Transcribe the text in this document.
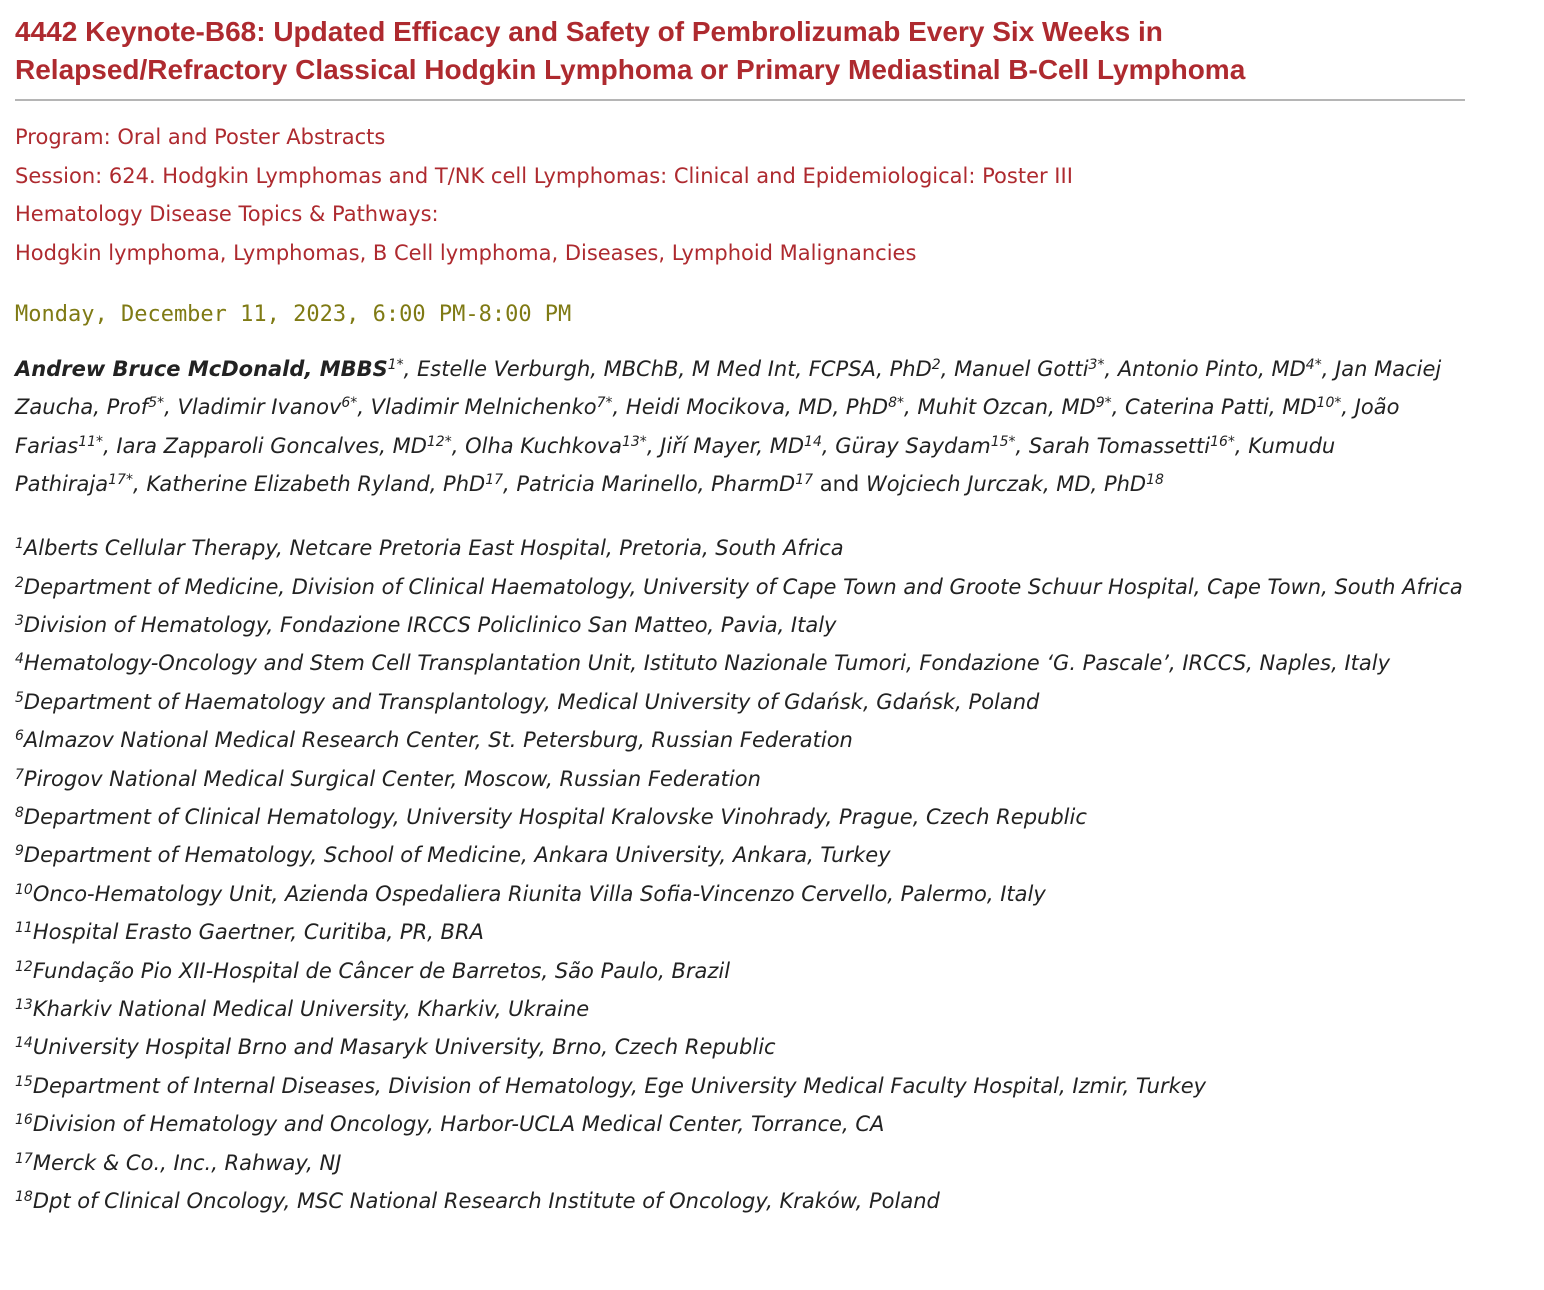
4442 Keynote-B68: Updated Efficacy and Safety of Pembrolizumab Every Six Weeks in
Relapsed/Refractory Classical Hodgkin Lymphoma or Primary Mediastinal B-Cell Lymphoma
Program: Oral and Poster Abstracts
Session: 624. Hodgkin Lymphomas and T/NK cell Lymphomas: Clinical and Epidemiological: Poster III
Hematology Disease Topics & Pathways:
Hodgkin lymphoma, Lymphomas, B Cell lymphoma, Diseases, Lymphoid Malignancies
Monday, December 11, 2023, 6:00 PM-8:00 PM
Andrew Bruce McDonald, $MBBS^{1*}$, Estelle Verburgh, MBChB, M Med Int, FCPSA, PhD$^2$, Manuel Gotti$^{3*}$, Antonio Pinto, $MD^{4*}$, Jan Maciej Zaucha, Prof$^{5*}$, Vladimir Ivanov$^{6*}$, Vladimir Melnichenko$^{7*}$, Heidi Mocikova, MD, PhD$^{8*}$, Muhit Ozcan, $MD^{9*}$, Caterina Patti, $MD^{10*}$, João Farias$^{11*}$, Iara Zapparoli Goncalves, $MD^{12*}$, Olha Kuchkova$^{13*}$, Jiří Mayer, MD$^{14}$, Güray Saydam$^{15*}$, Sarah Tomassetti$^{16*}$, Kumudu Pathiraja$^{17*}$, Katherine Elizabeth Ryland, PhD$^{17}$, Patricia Marinello, PharmD$^{17}$ and Wojciech Jurczak, MD, PhD$^{18}$
$^1$Alberts Cellular Therapy, Netcare Pretoria East Hospital, Pretoria, South Africa
$^2$Department of Medicine, Division of Clinical Haematology, University of Cape Town and Groote Schuur Hospital, Cape Town, South Africa
$^3$Division of Hematology, Fondazione IRCCS Policlinico San Matteo, Pavia, Italy
$^4$Hematology-Oncology and Stem Cell Transplantation Unit, Istituto Nazionale Tumori, Fondazione ‘G. Pascale’, IRCCS, Naples, Italy
$^5$Department of Haematology and Transplantology, Medical University of Gdańsk, Gdańsk, Poland
$^6$Almazov National Medical Research Center, St. Petersburg, Russian Federation
$^7$Pirogov National Medical Surgical Center, Moscow, Russian Federation
$^8$Department of Clinical Hematology, University Hospital Kralovske Vinohrady, Prague, Czech Republic
$^9$Department of Hematology, School of Medicine, Ankara University, Ankara, Turkey
$^{10}$Onco-Hematology Unit, Azienda Ospedaliera Riunita Villa Sofia-Vincenzo Cervello, Palermo, Italy
$^{11}$Hospital Erasto Gaertner, Curitiba, PR, BRA
$^{12}$Fundação Pio XII-Hospital de Câncer de Barretos, São Paulo, Brazil
$^{13}$Kharkiv National Medical University, Kharkiv, Ukraine
$^{14}$University Hospital Brno and Masaryk University, Brno, Czech Republic
$^{15}$Department of Internal Diseases, Division of Hematology, Ege University Medical Faculty Hospital, Izmir, Turkey
$^{16}$Division of Hematology and Oncology, Harbor-UCLA Medical Center, Torrance, CA
$^{17}$Merck & Co., Inc., Rahway, NJ
$^{18}$Dpt of Clinical Oncology, MSC National Research Institute of Oncology, Kraków, Poland
